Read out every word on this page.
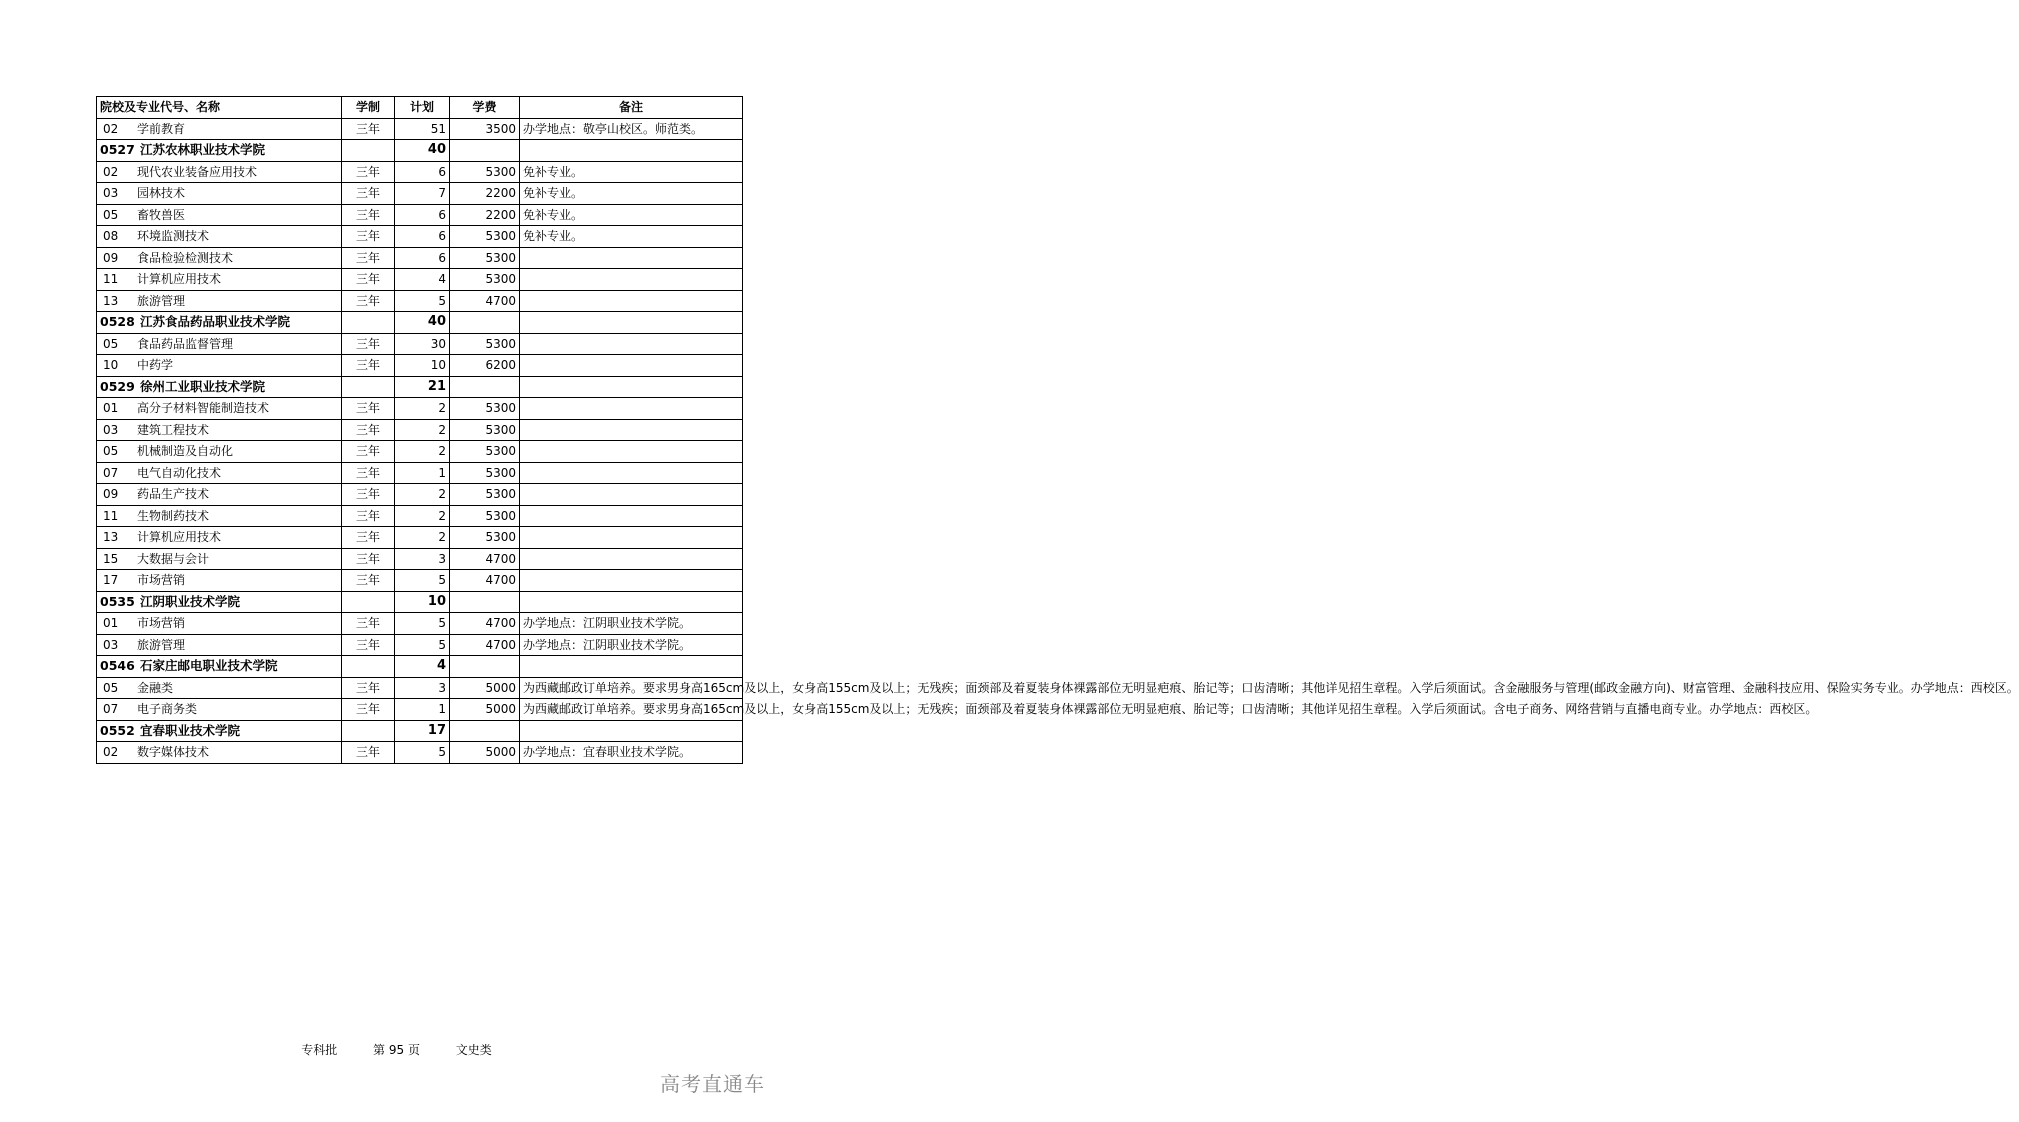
院校及专业代号、名称	学制	计划	学费	备注
02 学前教育	三年	51	3500	办学地点：敬亭山校区。师范类。
0527 江苏农林职业技术学院		40		
02 现代农业装备应用技术	三年	6	5300	免补专业。
03 园林技术	三年	7	2200	免补专业。
05 畜牧兽医	三年	6	2200	免补专业。
08 环境监测技术	三年	6	5300	免补专业。
09 食品检验检测技术	三年	6	5300	
11 计算机应用技术	三年	4	5300	
13 旅游管理	三年	5	4700	
0528 江苏食品药品职业技术学院		40		
05 食品药品监督管理	三年	30	5300	
10 中药学	三年	10	6200	
0529 徐州工业职业技术学院		21		
01 高分子材料智能制造技术	三年	2	5300	
03 建筑工程技术	三年	2	5300	
05 机械制造及自动化	三年	2	5300	
07 电气自动化技术	三年	1	5300	
09 药品生产技术	三年	2	5300	
11 生物制药技术	三年	2	5300	
13 计算机应用技术	三年	2	5300	
15 大数据与会计	三年	3	4700	
17 市场营销	三年	5	4700	
0535 江阴职业技术学院		10		
01 市场营销	三年	5	4700	办学地点：江阴职业技术学院。
03 旅游管理	三年	5	4700	办学地点：江阴职业技术学院。
0546 石家庄邮电职业技术学院		4		
05 金融类	三年	3	5000	为西藏邮政订单培养。要求男身高165cm及以上，女身高155cm及以上；无残疾；面颈部及着夏装身体裸露部位无明显疤痕、胎记等；口齿清晰；其他详见招生章程。入学后须面试。含金融服务与管理(邮政金融方向)、财富管理、金融科技应用、保险实务专业。办学地点：西校区。
07 电子商务类	三年	1	5000	为西藏邮政订单培养。要求男身高165cm及以上，女身高155cm及以上；无残疾；面颈部及着夏装身体裸露部位无明显疤痕、胎记等；口齿清晰；其他详见招生章程。入学后须面试。含电子商务、网络营销与直播电商专业。办学地点：西校区。
0552 宜春职业技术学院		17		
02 数字媒体技术	三年	5	5000	办学地点：宜春职业技术学院。
专科批	第 95 页	文史类
高考直通车
